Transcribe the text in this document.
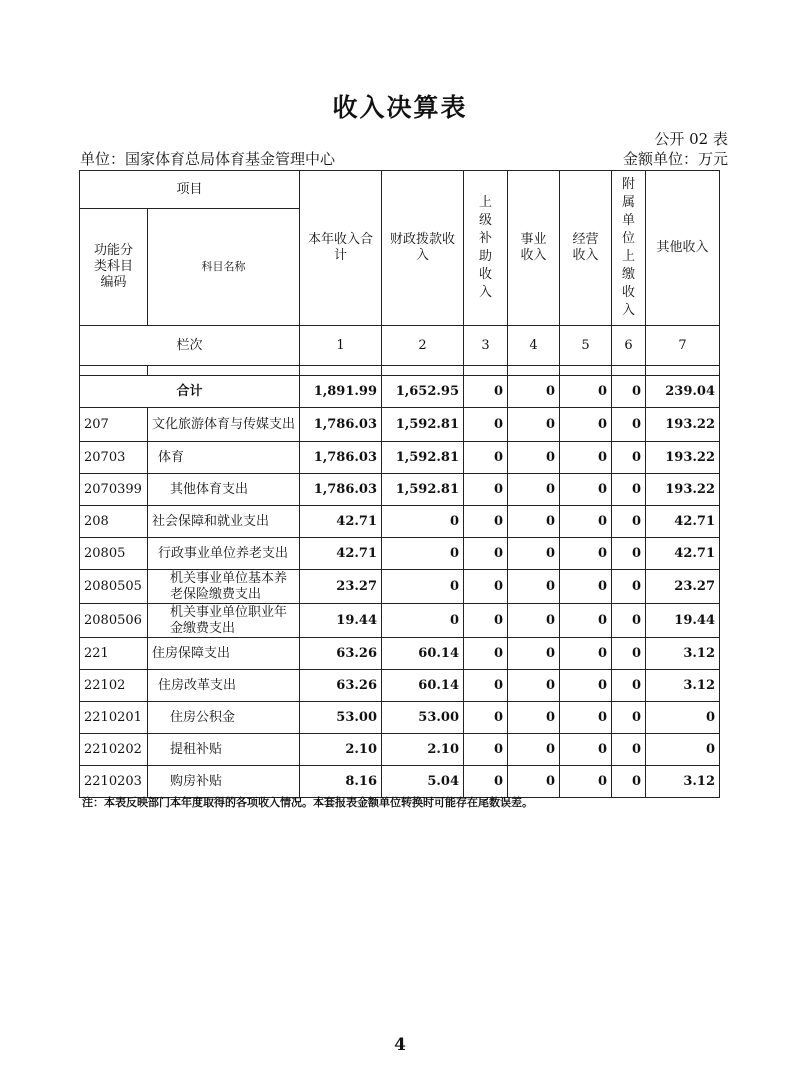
收入决算表
公开 02 表
单位：国家体育总局体育基金管理中心	金额单位：万元
项目		本年收入合计	财政拨款收入	上级补助收入	事业收入	经营收入	附属单位上缴收入	其他收入

功能分类科目编码	科目名称							
栏次		1	2	3	4	5	6	7

合计		1,891.99	1,652.95	0	0	0	0	239.04
207	文化旅游体育与传媒支出	1,786.03	1,592.81	0	0	0	0	193.22
20703	体育	1,786.03	1,592.81	0	0	0	0	193.22
2070399	其他体育支出	1,786.03	1,592.81	0	0	0	0	193.22
208	社会保障和就业支出	42.71	0	0	0	0	0	42.71
20805	行政事业单位养老支出	42.71	0	0	0	0	0	42.71
2080505	机关事业单位基本养老保险缴费支出	23.27	0	0	0	0	0	23.27
2080506	机关事业单位职业年金缴费支出	19.44	0	0	0	0	0	19.44
221	住房保障支出	63.26	60.14	0	0	0	0	3.12
22102	住房改革支出	63.26	60.14	0	0	0	0	3.12
2210201	住房公积金	53.00	53.00	0	0	0	0	0
2210202	提租补贴	2.10	2.10	0	0	0	0	0
2210203	购房补贴	8.16	5.04	0	0	0	0	3.12
注：本表反映部门本年度取得的各项收入情况。本套报表金额单位转换时可能存在尾数误差。
4
